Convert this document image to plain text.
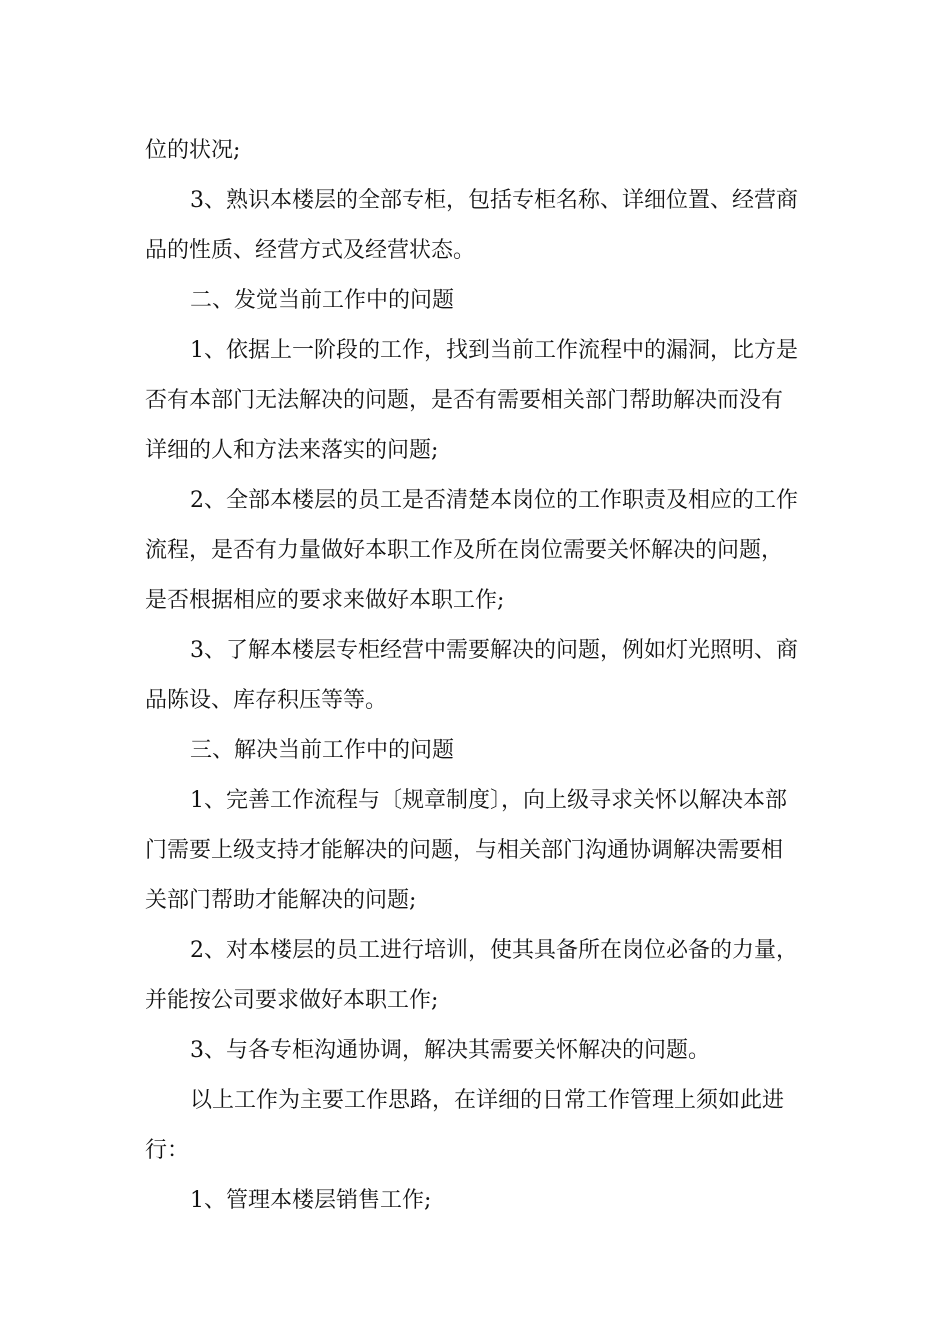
位的状况;
3、熟识本楼层的全部专柜，包括专柜名称、详细位置、经营商
品的性质、经营方式及经营状态。
二、发觉当前工作中的问题
1、依据上一阶段的工作，找到当前工作流程中的漏洞，比方是
否有本部门无法解决的问题，是否有需要相关部门帮助解决而没有
详细的人和方法来落实的问题;
2、全部本楼层的员工是否清楚本岗位的工作职责及相应的工作
流程，是否有力量做好本职工作及所在岗位需要关怀解决的问题，
是否根据相应的要求来做好本职工作;
3、了解本楼层专柜经营中需要解决的问题，例如灯光照明、商
品陈设、库存积压等等。
三、解决当前工作中的问题
1、完善工作流程与〔规章制度〕，向上级寻求关怀以解决本部
门需要上级支持才能解决的问题，与相关部门沟通协调解决需要相
关部门帮助才能解决的问题;
2、对本楼层的员工进行培训，使其具备所在岗位必备的力量，
并能按公司要求做好本职工作;
3、与各专柜沟通协调，解决其需要关怀解决的问题。
以上工作为主要工作思路，在详细的日常工作管理上须如此进
行：
1、管理本楼层销售工作;
